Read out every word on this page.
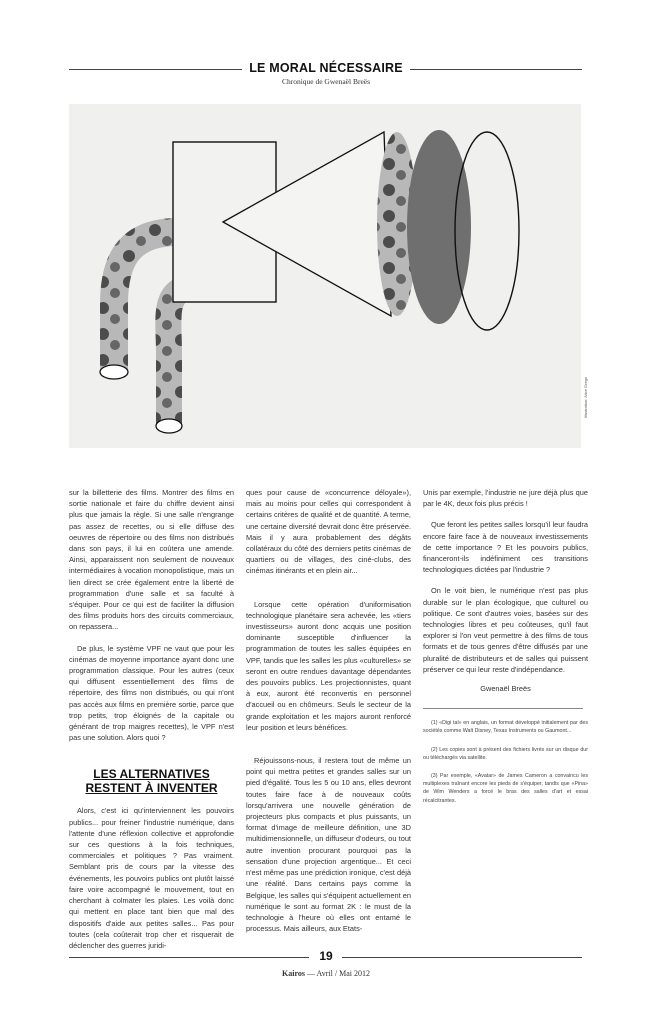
LE MORAL NÉCESSAIRE
Chronique de Gwenaël Breës
Illustration: Alice Grego

sur la billetterie des films. Montrer des films en sortie nationale et faire du chiffre devient ainsi plus que jamais la règle. Si une salle n'engrange pas assez de recettes, ou si elle diffuse des oeuvres de répertoire ou des films non distribués dans son pays, il lui en coûtera une amende. Ainsi, apparaissent non seulement de nouveaux intermédiaires à vocation monopolistique, mais un lien direct se crée également entre la liberté de programmation d'une salle et sa faculté à s'équiper. Pour ce qui est de faciliter la diffusion des films produits hors des circuits commerciaux, on repassera...

De plus, le système VPF ne vaut que pour les cinémas de moyenne importance ayant donc une programmation classique. Pour les autres (ceux qui diffusent essentiellement des films de répertoire, des films non distribués, ou qui n'ont pas accès aux films en première sortie, parce que trop petits, trop éloignés de la capitale ou générant de trop maigres recettes), le VPF n'est pas une solution. Alors quoi ?

LES ALTERNATIVES
RESTENT À INVENTER

Alors, c'est ici qu'interviennent les pouvoirs publics... pour freiner l'industrie numérique, dans l'attente d'une réflexion collective et approfondie sur ces questions à la fois techniques, commerciales et politiques ? Pas vraiment. Semblant pris de cours par la vitesse des événements, les pouvoirs publics ont plutôt laissé faire voire accompagné le mouvement, tout en cherchant à colmater les plaies. Les voilà donc qui mettent en place tant bien que mal des dispositifs d'aide aux petites salles... Pas pour toutes (cela coûterait trop cher et risquerait de déclencher des guerres juridi-

ques pour cause de «concurrence déloyale»), mais au moins pour celles qui correspondent à certains critères de qualité et de quantité. A terme, une certaine diversité devrait donc être préservée. Mais il y aura probablement des dégâts collatéraux du côté des derniers petits cinémas de quartiers ou de villages, des ciné-clubs, des cinémas itinérants et en plein air...

Lorsque cette opération d'uniformisation technologique planétaire sera achevée, les «tiers investisseurs» auront donc acquis une position dominante susceptible d'influencer la programmation de toutes les salles équipées en VPF, tandis que les salles les plus «culturelles» se seront en outre rendues davantage dépendantes des pouvoirs publics. Les projectionnistes, quant à eux, auront été reconvertis en personnel d'accueil ou en chômeurs. Seuls le secteur de la grande exploitation et les majors auront renforcé leur position et leurs bénéfices.

Réjouissons-nous, il restera tout de même un point qui mettra petites et grandes salles sur un pied d'égalité. Tous les 5 ou 10 ans, elles devront toutes faire face à de nouveaux coûts lorsqu'arrivera une nouvelle génération de projecteurs plus compacts et plus puissants, un format d'image de meilleure définition, une 3D multidimensionnelle, un diffuseur d'odeurs, ou tout autre invention procurant pourquoi pas la sensation d'une projection argentique... Et ceci n'est même pas une prédiction ironique, c'est déjà une réalité. Dans certains pays comme la Belgique, les salles qui s'équipent actuellement en numérique le sont au format 2K : le must de la technologie à l'heure où elles ont entamé le processus. Mais ailleurs, aux Etats-

Unis par exemple, l'industrie ne jure déjà plus que par le 4K, deux fois plus précis !

Que feront les petites salles lorsqu'il leur faudra encore faire face à de nouveaux investissements de cette importance ? Et les pouvoirs publics, financeront-ils indéfiniment ces transitions technologiques dictées par l'industrie ?

On le voit bien, le numérique n'est pas plus durable sur le plan écologique, que culturel ou politique. Ce sont d'autres voies, basées sur des technologies libres et peu coûteuses, qu'il faut explorer si l'on veut permettre à des films de tous formats et de tous genres d'être diffusés par une pluralité de distributeurs et de salles qui puissent préserver ce qui leur reste d'indépendance.

Gwenaël Breës

(1) «Digi tal» en anglais, un format développé initialement par des sociétés comme Walt Disney, Texas Instruments ou Gaumont...

(2) Les copies sont à présent des fichiers livrés sur un disque dur ou téléchargés via satellite.

(3) Par exemple, «Avatar» de James Cameron a convaincu les multiplexes traînant encore les pieds de s'équiper, tandis que «Pina» de Wim Wenders a forcé le bras des salles d'art et essai récalcitrantes.

19
Kairos — Avril / Mai 2012
